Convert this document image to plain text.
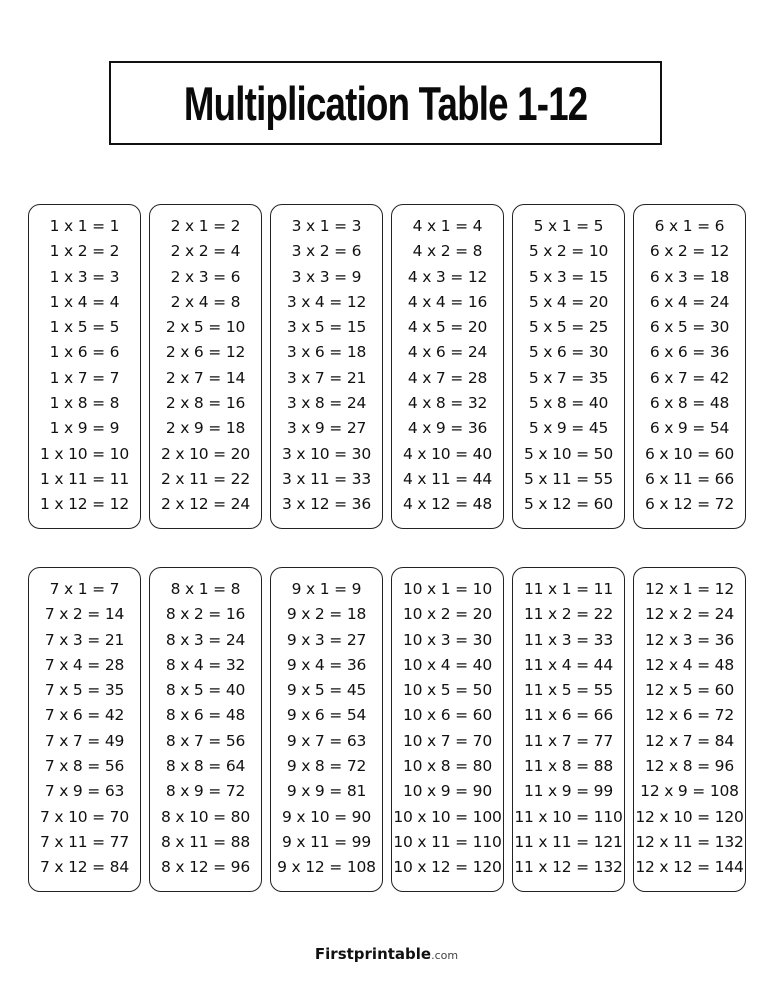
Multiplication Table 1-12
1 x 1 = 1
1 x 2 = 2
1 x 3 = 3
1 x 4 = 4
1 x 5 = 5
1 x 6 = 6
1 x 7 = 7
1 x 8 = 8
1 x 9 = 9
1 x 10 = 10
1 x 11 = 11
1 x 12 = 12
2 x 1 = 2
2 x 2 = 4
2 x 3 = 6
2 x 4 = 8
2 x 5 = 10
2 x 6 = 12
2 x 7 = 14
2 x 8 = 16
2 x 9 = 18
2 x 10 = 20
2 x 11 = 22
2 x 12 = 24
3 x 1 = 3
3 x 2 = 6
3 x 3 = 9
3 x 4 = 12
3 x 5 = 15
3 x 6 = 18
3 x 7 = 21
3 x 8 = 24
3 x 9 = 27
3 x 10 = 30
3 x 11 = 33
3 x 12 = 36
4 x 1 = 4
4 x 2 = 8
4 x 3 = 12
4 x 4 = 16
4 x 5 = 20
4 x 6 = 24
4 x 7 = 28
4 x 8 = 32
4 x 9 = 36
4 x 10 = 40
4 x 11 = 44
4 x 12 = 48
5 x 1 = 5
5 x 2 = 10
5 x 3 = 15
5 x 4 = 20
5 x 5 = 25
5 x 6 = 30
5 x 7 = 35
5 x 8 = 40
5 x 9 = 45
5 x 10 = 50
5 x 11 = 55
5 x 12 = 60
6 x 1 = 6
6 x 2 = 12
6 x 3 = 18
6 x 4 = 24
6 x 5 = 30
6 x 6 = 36
6 x 7 = 42
6 x 8 = 48
6 x 9 = 54
6 x 10 = 60
6 x 11 = 66
6 x 12 = 72
7 x 1 = 7
7 x 2 = 14
7 x 3 = 21
7 x 4 = 28
7 x 5 = 35
7 x 6 = 42
7 x 7 = 49
7 x 8 = 56
7 x 9 = 63
7 x 10 = 70
7 x 11 = 77
7 x 12 = 84
8 x 1 = 8
8 x 2 = 16
8 x 3 = 24
8 x 4 = 32
8 x 5 = 40
8 x 6 = 48
8 x 7 = 56
8 x 8 = 64
8 x 9 = 72
8 x 10 = 80
8 x 11 = 88
8 x 12 = 96
9 x 1 = 9
9 x 2 = 18
9 x 3 = 27
9 x 4 = 36
9 x 5 = 45
9 x 6 = 54
9 x 7 = 63
9 x 8 = 72
9 x 9 = 81
9 x 10 = 90
9 x 11 = 99
9 x 12 = 108
10 x 1 = 10
10 x 2 = 20
10 x 3 = 30
10 x 4 = 40
10 x 5 = 50
10 x 6 = 60
10 x 7 = 70
10 x 8 = 80
10 x 9 = 90
10 x 10 = 100
10 x 11 = 110
10 x 12 = 120
11 x 1 = 11
11 x 2 = 22
11 x 3 = 33
11 x 4 = 44
11 x 5 = 55
11 x 6 = 66
11 x 7 = 77
11 x 8 = 88
11 x 9 = 99
11 x 10 = 110
11 x 11 = 121
11 x 12 = 132
12 x 1 = 12
12 x 2 = 24
12 x 3 = 36
12 x 4 = 48
12 x 5 = 60
12 x 6 = 72
12 x 7 = 84
12 x 8 = 96
12 x 9 = 108
12 x 10 = 120
12 x 11 = 132
12 x 12 = 144
Firstprintable.com
